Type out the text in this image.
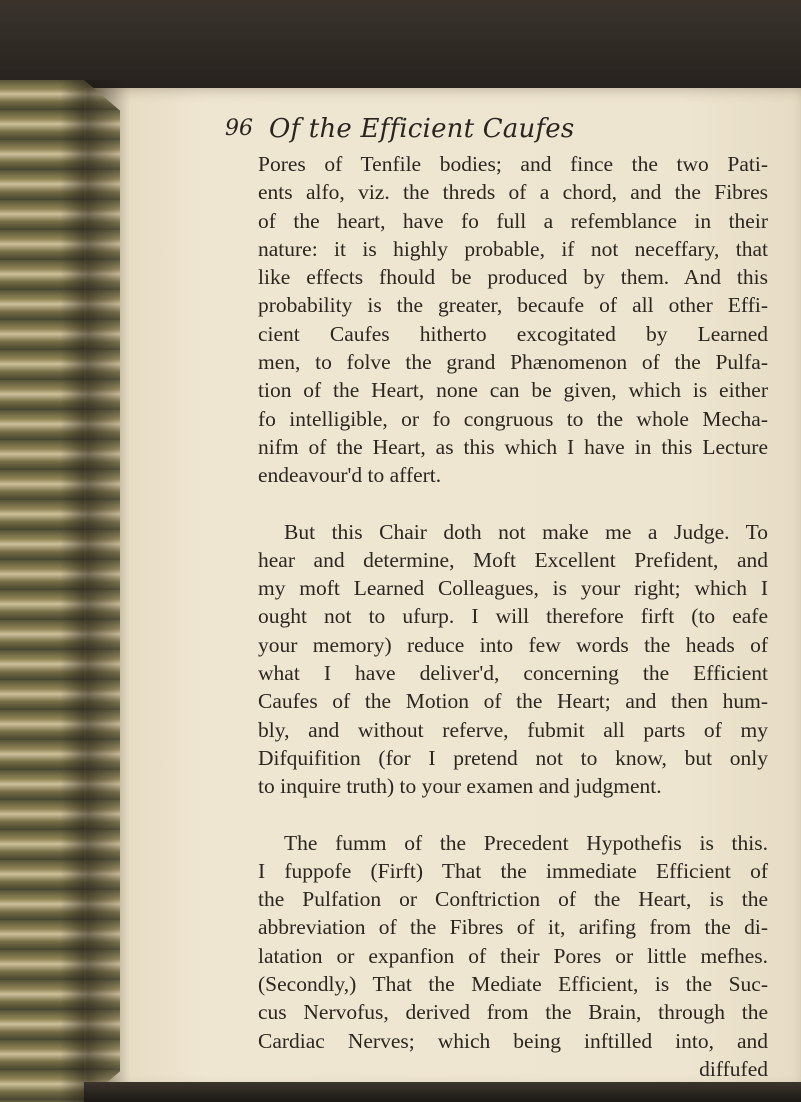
96 Of the Efficient Caufes
Pores of Tenfile bodies; and fince the two Pati-
ents alfo, viz. the threds of a chord, and the Fibres
of the heart, have fo full a refemblance in their
nature: it is highly probable, if not neceffary, that
like effects fhould be produced by them. And this
probability is the greater, becaufe of all other Effi-
cient Caufes hitherto excogitated by Learned
men, to folve the grand Phænomenon of the Pulfa-
tion of the Heart, none can be given, which is either
fo intelligible, or fo congruous to the whole Mecha-
nifm of the Heart, as this which I have in this Lecture
endeavour'd to affert.
But this Chair doth not make me a Judge. To
hear and determine, Moft Excellent Prefident, and
my moft Learned Colleagues, is your right; which I
ought not to ufurp. I will therefore firft (to eafe
your memory) reduce into few words the heads of
what I have deliver'd, concerning the Efficient
Caufes of the Motion of the Heart; and then hum-
bly, and without referve, fubmit all parts of my
Difquifition (for I pretend not to know, but only
to inquire truth) to your examen and judgment.
The fumm of the Precedent Hypothefis is this.
I fuppofe (Firft) That the immediate Efficient of
the Pulfation or Conftriction of the Heart, is the
abbreviation of the Fibres of it, arifing from the di-
latation or expanfion of their Pores or little mefhes.
(Secondly,) That the Mediate Efficient, is the Suc-
cus Nervofus, derived from the Brain, through the
Cardiac Nerves; which being inftilled into, and
diffufed
